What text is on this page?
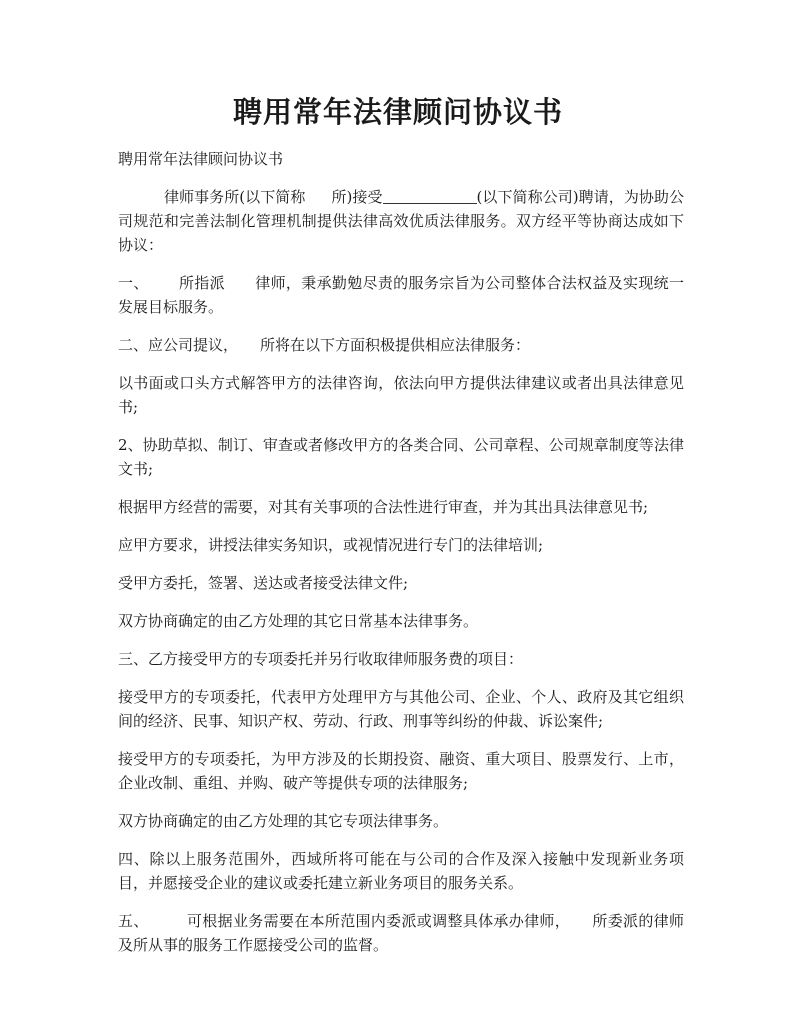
聘用常年法律顾问协议书

聘用常年法律顾问协议书

律师事务所(以下简称 所)接受	(以下简称公司)聘请，为协助公司规范和完善法制化管理机制提供法律高效优质法律服务。双方经平等协商达成如下协议：

一、 所指派 律师，秉承勤勉尽责的服务宗旨为公司整体合法权益及实现统一发展目标服务。

二、应公司提议， 所将在以下方面积极提供相应法律服务：

以书面或口头方式解答甲方的法律咨询，依法向甲方提供法律建议或者出具法律意见书;

2、协助草拟、制订、审查或者修改甲方的各类合同、公司章程、公司规章制度等法律文书;

根据甲方经营的需要，对其有关事项的合法性进行审查，并为其出具法律意见书;

应甲方要求，讲授法律实务知识，或视情况进行专门的法律培训;

受甲方委托，签署、送达或者接受法律文件;

双方协商确定的由乙方处理的其它日常基本法律事务。

三、乙方接受甲方的专项委托并另行收取律师服务费的项目：

接受甲方的专项委托，代表甲方处理甲方与其他公司、企业、个人、政府及其它组织间的经济、民事、知识产权、劳动、行政、刑事等纠纷的仲裁、诉讼案件;

接受甲方的专项委托，为甲方涉及的长期投资、融资、重大项目、股票发行、上市，企业改制、重组、并购、破产等提供专项的法律服务;

双方协商确定的由乙方处理的其它专项法律事务。

四、除以上服务范围外，西域所将可能在与公司的合作及深入接触中发现新业务项目，并愿接受企业的建议或委托建立新业务项目的服务关系。

五、	可根据业务需要在本所范围内委派或调整具体承办律师， 所委派的律师及所从事的服务工作愿接受公司的监督。
